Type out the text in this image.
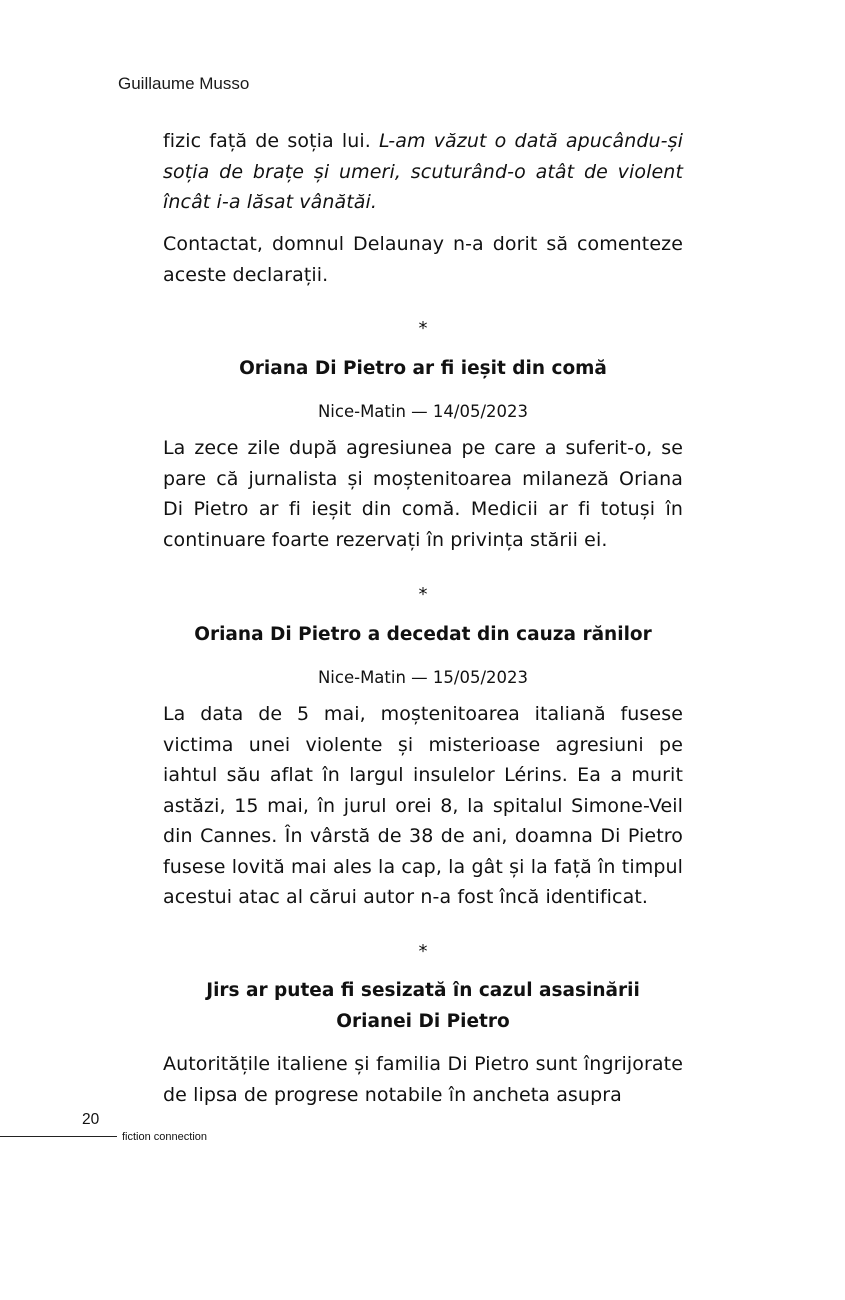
Guillaume Musso

fizic față de soția lui. L-am văzut o dată apucându-și soția de brațe și umeri, scuturând-o atât de violent încât i-a lăsat vânătăi.

Contactat, domnul Delaunay n-a dorit să comenteze aceste declarații.

*
Oriana Di Pietro ar fi ieșit din comă
Nice-Matin — 14/05/2023

La zece zile după agresiunea pe care a suferit-o, se pare că jurnalista și moștenitoarea milaneză Oriana Di Pietro ar fi ieșit din comă. Medicii ar fi totuși în continuare foarte rezervați în privința stării ei.

*
Oriana Di Pietro a decedat din cauza rănilor
Nice-Matin — 15/05/2023

La data de 5 mai, moștenitoarea italiană fusese victima unei violente și misterioase agresiuni pe iahtul său aflat în largul insulelor Lérins. Ea a murit astăzi, 15 mai, în jurul orei 8, la spitalul Simone-Veil din Cannes. În vârstă de 38 de ani, doamna Di Pietro fusese lovită mai ales la cap, la gât și la față în timpul acestui atac al cărui autor n-a fost încă identificat.

*
Jirs ar putea fi sesizată în cazul asasinării
Orianei Di Pietro

Autoritățile italiene și familia Di Pietro sunt îngrijorate de lipsa de progrese notabile în ancheta asupra

20
fiction connection
